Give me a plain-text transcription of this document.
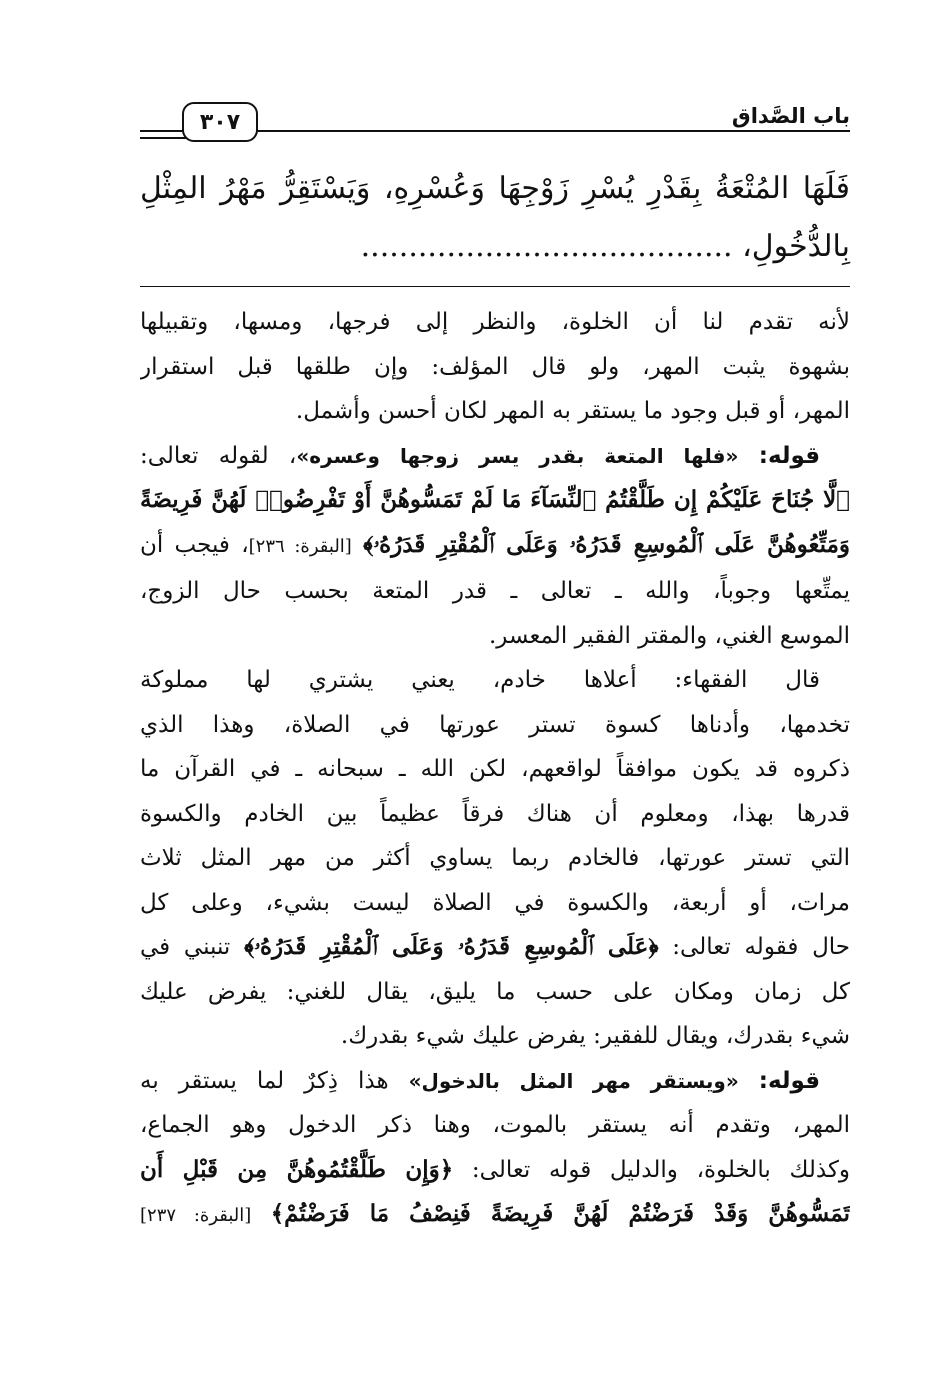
باب الصَّداق
٣٠٧
فَلَهَا المُتْعَةُ بِقَدْرِ يُسْرِ زَوْجِهَا وَعُسْرِهِ، وَيَسْتَقِرُّ مَهْرُ المِثْلِ
بِالدُّخُولِ، .......................................

لأنه تقدم لنا أن الخلوة، والنظر إلى فرجها، ومسها، وتقبيلها
بشهوة يثبت المهر، ولو قال المؤلف: وإن طلقها قبل استقرار
المهر، أو قبل وجود ما يستقر به المهر لكان أحسن وأشمل.

قوله: «فلها المتعة بقدر يسر زوجها وعسره»، لقوله تعالى:
﴿لَّا جُنَاحَ عَلَيْكُمْ إِن طَلَّقْتُمُ ٱلنِّسَآءَ مَا لَمْ تَمَسُّوهُنَّ أَوْ تَفْرِضُوا۟ لَهُنَّ فَرِيضَةً
وَمَتِّعُوهُنَّ عَلَى ٱلْمُوسِعِ قَدَرُهُۥ وَعَلَى ٱلْمُقْتِرِ قَدَرُهُۥ﴾ [البقرة: ٢٣٦]، فيجب أن
يمتِّعها وجوباً، والله ـ تعالى ـ قدر المتعة بحسب حال الزوج،
الموسع الغني، والمقتر الفقير المعسر.

قال الفقهاء: أعلاها خادم، يعني يشتري لها مملوكة
تخدمها، وأدناها كسوة تستر عورتها في الصلاة، وهذا الذي
ذكروه قد يكون موافقاً لواقعهم، لكن الله ـ سبحانه ـ في القرآن ما
قدرها بهذا، ومعلوم أن هناك فرقاً عظيماً بين الخادم والكسوة
التي تستر عورتها، فالخادم ربما يساوي أكثر من مهر المثل ثلاث
مرات، أو أربعة، والكسوة في الصلاة ليست بشيء، وعلى كل
حال فقوله تعالى: ﴿عَلَى ٱلْمُوسِعِ قَدَرُهُۥ وَعَلَى ٱلْمُقْتِرِ قَدَرُهُۥ﴾ تنبني في
كل زمان ومكان على حسب ما يليق، يقال للغني: يفرض عليك
شيء بقدرك، ويقال للفقير: يفرض عليك شيء بقدرك.

قوله: «ويستقر مهر المثل بالدخول» هذا ذِكرٌ لما يستقر به
المهر، وتقدم أنه يستقر بالموت، وهنا ذكر الدخول وهو الجماع،
وكذلك بالخلوة، والدليل قوله تعالى: ﴿وَإِن طَلَّقْتُمُوهُنَّ مِن قَبْلِ أَن
تَمَسُّوهُنَّ وَقَدْ فَرَضْتُمْ لَهُنَّ فَرِيضَةً فَنِصْفُ مَا فَرَضْتُمْ﴾ [البقرة: ٢٣٧]
